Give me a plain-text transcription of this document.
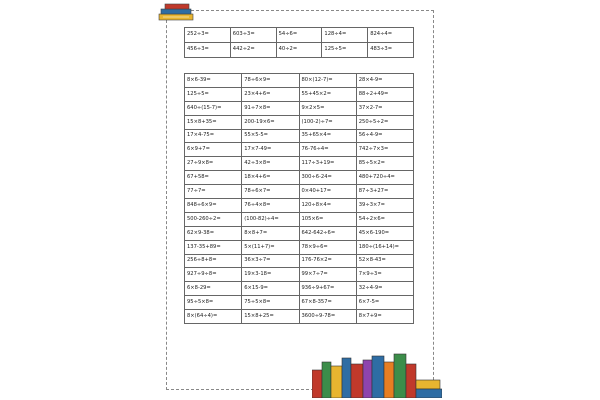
252÷3=	603÷3=	54÷6=	128÷4=	824÷4=
456÷3=	442÷2=	40÷2=	125÷5=	483÷3=
8×6-39=	78÷6×9=	80×(12-7)=	28×4-9=
125÷5=	23×4+6=	55+45×2=	88÷2+49=
640÷(15-7)=	91÷7×8=	9×2×5=	37×2-7=
15×8+35=	200-19×6=	(100-2)÷7=	250÷5÷2=
17×4-75=	55×5-5=	35+65×4=	56÷4-9=
6×9+7=	17×7-49=	76-76÷4=	742÷7×3=
27÷9×8=	42÷3×8=	117÷3+19=	85÷5×2=
67+58=	18×4+6=	300÷6-24=	480+720÷4=
77÷7=	78÷6×7=	0×40+17=	87÷3+27=
848÷6×9=	76÷4×8=	120÷8×4=	39÷3×7=
500-260÷2=	(100-82)÷4=	105×6=	54÷2×6=
62×9-38=	8×8+7=	642-642÷6=	45×6-190=
137-35+89=	5×(11+7)=	78×9÷6=	180÷(16+14)=
256÷8+8=	36×3÷7=	176-76×2=	52×8-43=
927÷9÷8=	19×3-18=	99×7÷7=	7×9÷3=
6×8-29=	6×15-9=	936÷9+67=	32÷4-9=
95÷5×8=	75÷5×8=	67×8-357=	6×7-5=
8×(64÷4)=	15×8+25=	3600÷9-78=	8×7+9=
